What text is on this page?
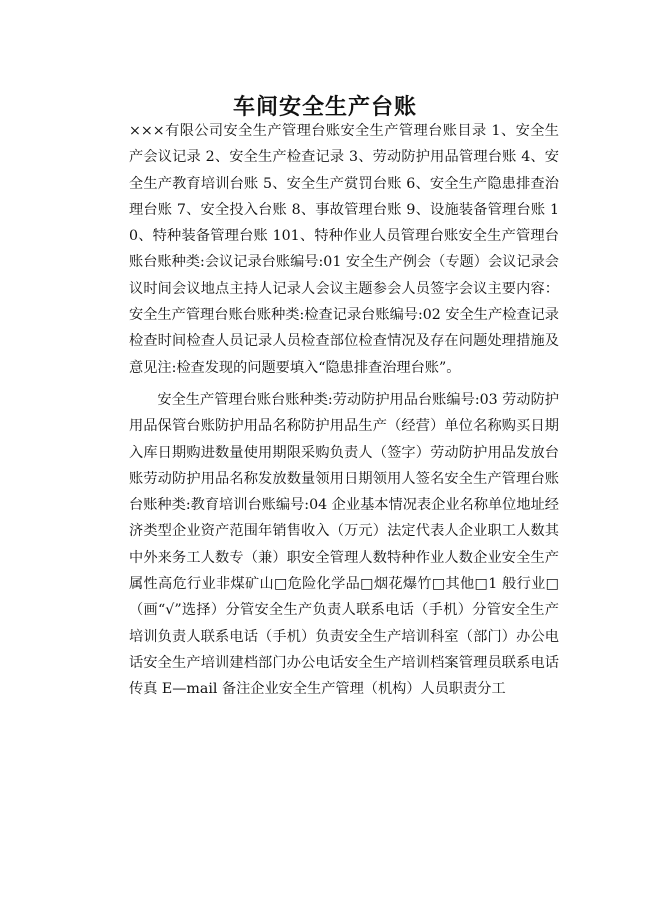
车间安全生产台账

×××有限公司安全生产管理台账安全生产管理台账目录 1、安全生产会议记录 2、安全生产检查记录 3、劳动防护用品管理台账 4、安全生产教育培训台账 5、安全生产赏罚台账 6、安全生产隐患排查治理台账 7、安全投入台账 8、事故管理台账 9、设施装备管理台账 10、特种装备管理台账 101、特种作业人员管理台账安全生产管理台账台账种类:会议记录台账编号:01 安全生产例会（专题）会议记录会议时间会议地点主持人记录人会议主题参会人员签字会议主要内容：安全生产管理台账台账种类:检查记录台账编号:02 安全生产检查记录检查时间检查人员记录人员检查部位检查情况及存在问题处理措施及意见注:检查发现的问题要填入“隐患排查治理台账”。

安全生产管理台账台账种类:劳动防护用品台账编号:03 劳动防护用品保管台账防护用品名称防护用品生产（经营）单位名称购买日期入库日期购进数量使用期限采购负责人（签字）劳动防护用品发放台账劳动防护用品名称发放数量领用日期领用人签名安全生产管理台账台账种类:教育培训台账编号:04 企业基本情况表企业名称单位地址经济类型企业资产范围年销售收入（万元）法定代表人企业职工人数其中外来务工人数专（兼）职安全管理人数特种作业人数企业安全生产属性高危行业非煤矿山□危险化学品□烟花爆竹□其他□1 般行业□（画“√”选择）分管安全生产负责人联系电话（手机）分管安全生产培训负责人联系电话（手机）负责安全生产培训科室（部门）办公电话安全生产培训建档部门办公电话安全生产培训档案管理员联系电话传真 E—mail 备注企业安全生产管理（机构）人员职责分工
